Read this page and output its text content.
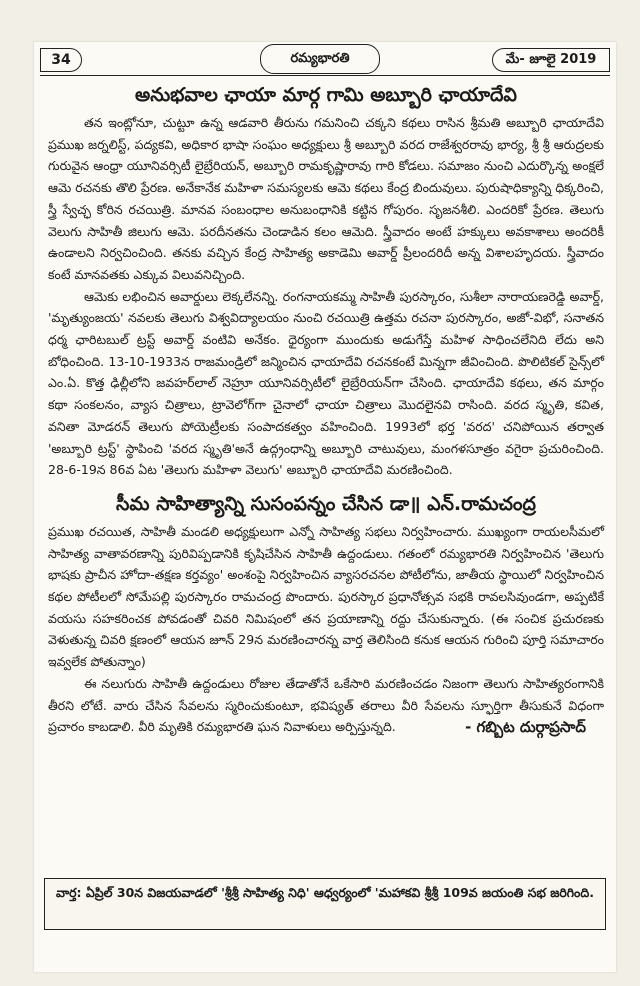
34	రమ్యభారతి	మే- జూలై 2019
అనుభవాల ఛాయా మార్గ గామి అబ్బూరి ఛాయాదేవి

తన ఇంట్లోనూ, చుట్టూ ఉన్న ఆడవారి తీరును గమనించి చక్కని కథలు రాసిన శ్రీమతి అబ్బూరి ఛాయాదేవి ప్రముఖ జర్నలిస్ట్, పద్యకవి, అధికార భాషా సంఘం అధ్యక్షులు శ్రీ అబ్బూరి వరద రాజేశ్వరరావు భార్య, శ్రీ శ్రీ ఆరుద్రలకు గురువైన ఆంధ్రా యూనివర్సిటీ లైబ్రేరియన్, అబ్బూరి రామకృష్ణారావు గారి కోడలు. సమాజం నుంచి ఎదుర్కొన్న అంక్షలే ఆమె రచనకు తొలి ప్రేరణ. అనేకానేక మహిళా సమస్యలకు ఆమె కథలు కేంద్ర బిందువులు. పురుషాధిక్యాన్ని ధిక్కరించి, స్త్రీ స్వేచ్ఛ కోరిన రచయిత్రి. మానవ సంబంధాల అనుబంధానికి కట్టిన గోపురం. సృజనశీలి. ఎందరికో ప్రేరణ. తెలుగు వెలుగు సాహితీ జిలుగు ఆమె. పరదీనతను చెండాడిన కలం ఆమెది. స్త్రీవాదం అంటే హక్కులు అవకాశాలు అందరికీ ఉండాలని నిర్వచించింది. తనకు వచ్చిన కేంద్ర సాహిత్య అకాడెమి అవార్డ్ ప్రీలందరిదీ అన్న విశాలహృదయ. స్త్రీవాదం కంటే మానవతకు ఎక్కువ విలువనిచ్చింది.

ఆమెకు లభించిన అవార్డులు లెక్కలేనన్ని. రంగనాయకమ్మ సాహితీ పురస్కారం, సుశీలా నారాయణరెడ్డి అవార్డ్, 'మృత్యుంజయ' నవలకు తెలుగు విశ్వవిద్యాలయం నుంచి రచయిత్రి ఉత్తమ రచనా పురస్కారం, అజో-విభో, సనాతన ధర్మ ఛారిటబుల్ ట్రస్ట్ అవార్డ్ వంటివి అనేకం. ధైర్యంగా ముందుకు అడుగేస్తే మహిళ సాధించలేనిది లేదు అని బోధించింది. 13-10-1933న రాజమండ్రిలో జన్మించిన ఛాయాదేవి రచనకంటే మిన్నగా జీవించింది. పొలిటికల్ సైన్స్‌లో ఎం.ఏ. కొత్త ఢిల్లీలోని జవహర్‌లాల్ నెహ్రూ యూనివర్సిటీలో లైబ్రేరియన్‌గా చేసింది. ఛాయాదేవి కథలు, తన మార్గం కథా సంకలనం, వ్యాస చిత్రాలు, ట్రావెలోగ్‌గా చైనాలో ఛాయా చిత్రాలు మొదలైనవి రాసింది. వరద స్మృతి, కవిత, వనితా మోడరన్ తెలుగు పోయెట్రీలకు సంపాదకత్వం వహించింది. 1993లో భర్త 'వరద' చనిపోయిన తర్వాత 'అబ్బూరి ట్రస్ట్' స్థాపించి 'వరద స్మృతి'అనే ఉద్గ్రంధాన్ని అబ్బూరి చాటువులు, మంగళసూత్రం వగైరా ప్రచురించింది. 28-6-19న 86వ ఏట 'తెలుగు మహిళా వెలుగు' అబ్బూరి ఛాయాదేవి మరణించింది.

సీమ సాహిత్యాన్ని సుసంపన్నం చేసిన డా॥ ఎన్.రామచంద్ర

ప్రముఖ రచయిత, సాహితీ మండలి అధ్యక్షులుగా ఎన్నో సాహిత్య సభలు నిర్వహించారు. ముఖ్యంగా రాయలసీమలో సాహిత్య వాతావరణాన్ని పురివిప్పడానికి కృషిచేసిన సాహితీ ఉద్దండులు. గతంలో రమ్యభారతి నిర్వహించిన 'తెలుగు భాషకు ప్రాచీన హోదా-తక్షణ కర్తవ్యం' అంశంపై నిర్వహించిన వ్యాసరచనల పోటీలోను, జాతీయ స్థాయిలో నిర్వహించిన కథల పోటీలలో సోమేపల్లి పురస్కారం రామచంద్ర పొందారు. పురస్కార ప్రధానోత్సవ సభకి రావలసివుండగా, అప్పటికే వయసు సహకరించక పోవడంతో చివరి నిమిషంలో తన ప్రయాణాన్ని రద్దు చేసుకున్నారు. (ఈ సంచిక ప్రచురణకు వెళుతున్న చివరి క్షణంలో ఆయన జూన్ 29న మరణించారన్న వార్త తెలిసింది కనుక ఆయన గురించి పూర్తి సమాచారం ఇవ్వలేక పోతున్నాం)

ఈ నలుగురు సాహితీ ఉద్దండులు రోజుల తేడాతోనే ఒకేసారి మరణించడం నిజంగా తెలుగు సాహిత్యరంగానికి తీరని లోటే. వారు చేసిన సేవలను స్మరించుకుంటూ, భవిష్యత్ తరాలు వీరి సేవలను స్ఫూర్తిగా తీసుకునే విధంగా ప్రచారం కాబడాలి. వీరి మృతికి రమ్యభారతి ఘన నివాళులు అర్పిస్తున్నది.	- గబ్బిట దుర్గాప్రసాద్
వార్త: ఏప్రిల్ 30న విజయవాడలో 'శ్రీశ్రీ సాహిత్య నిధి' ఆధ్వర్యంలో 'మహాకవి శ్రీశ్రీ 109వ జయంతి సభ జరిగింది.
